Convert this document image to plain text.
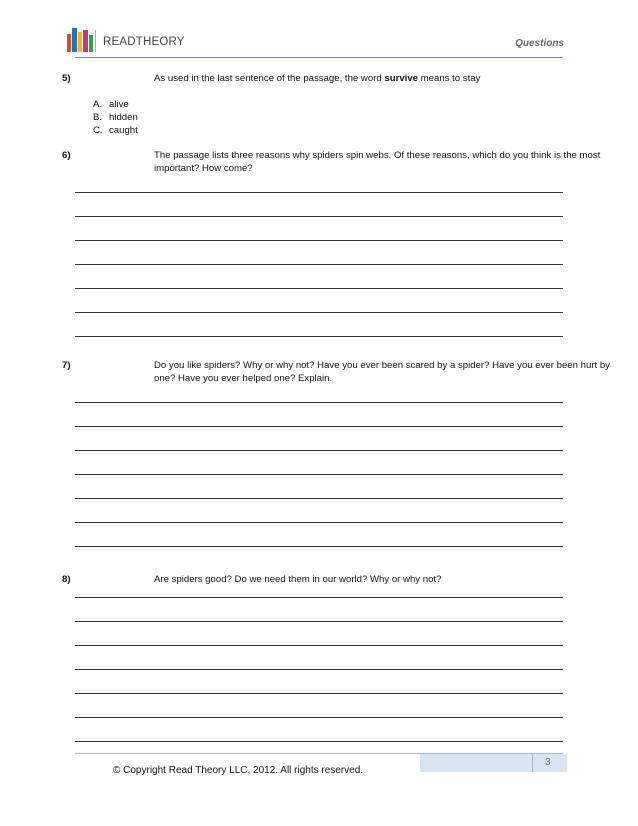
READTHEORY	Questions
5)	As used in the last sentence of the passage, the word survive means to stay
A. alive
B. hidden
C. caught
6)	The passage lists three reasons why spiders spin webs. Of these reasons, which do you think is the most important? How come?
7)	Do you like spiders? Why or why not? Have you ever been scared by a spider? Have you ever been hurt by one? Have you ever helped one? Explain.
8)	Are spiders good? Do we need them in our world? Why or why not?
3
© Copyright Read Theory LLC, 2012. All rights reserved.
